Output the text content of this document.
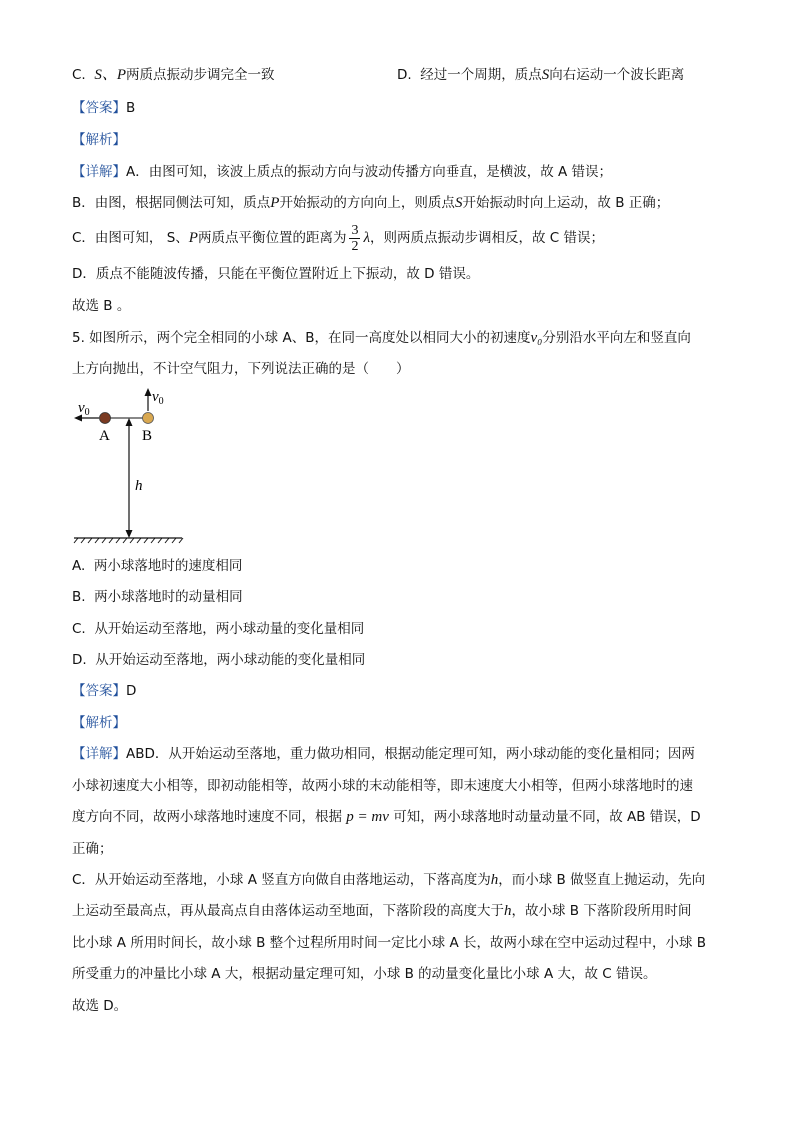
C. S、P两质点振动步调完全一致	D. 经过一个周期，质点S向右运动一个波长距离
【答案】B
【解析】
【详解】A．由图可知，该波上质点的振动方向与波动传播方向垂直，是横波，故 A 错误；
B．由图，根据同侧法可知，质点P开始振动的方向向上，则质点S开始振动时向上运动，故 B 正确；
C．由图可知， S、P两质点平衡位置的距离为 $\frac{3}{2}$ λ，则两质点振动步调相反，故 C 错误；
D．质点不能随波传播，只能在平衡位置附近上下振动，故 D 错误。
故选 B 。
5. 如图所示，两个完全相同的小球 A、B，在同一高度处以相同大小的初速度v₀分别沿水平向左和竖直向
上方向抛出，不计空气阻力，下列说法正确的是（　　）
$v_0$
$v_0$
A B
h
A. 两小球落地时的速度相同
B. 两小球落地时的动量相同
C. 从开始运动至落地，两小球动量的变化量相同
D. 从开始运动至落地，两小球动能的变化量相同
【答案】D
【解析】
【详解】ABD．从开始运动至落地，重力做功相同，根据动能定理可知，两小球动能的变化量相同；因两
小球初速度大小相等，即初动能相等，故两小球的末动能相等，即末速度大小相等，但两小球落地时的速
度方向不同，故两小球落地时速度不同，根据 p = mv 可知，两小球落地时动量动量不同，故 AB 错误，D
正确；
C．从开始运动至落地，小球 A 竖直方向做自由落地运动，下落高度为h，而小球 B 做竖直上抛运动，先向
上运动至最高点，再从最高点自由落体运动至地面，下落阶段的高度大于h，故小球 B 下落阶段所用时间
比小球 A 所用时间长，故小球 B 整个过程所用时间一定比小球 A 长，故两小球在空中运动过程中，小球 B
所受重力的冲量比小球 A 大，根据动量定理可知，小球 B 的动量变化量比小球 A 大，故 C 错误。
故选 D。
